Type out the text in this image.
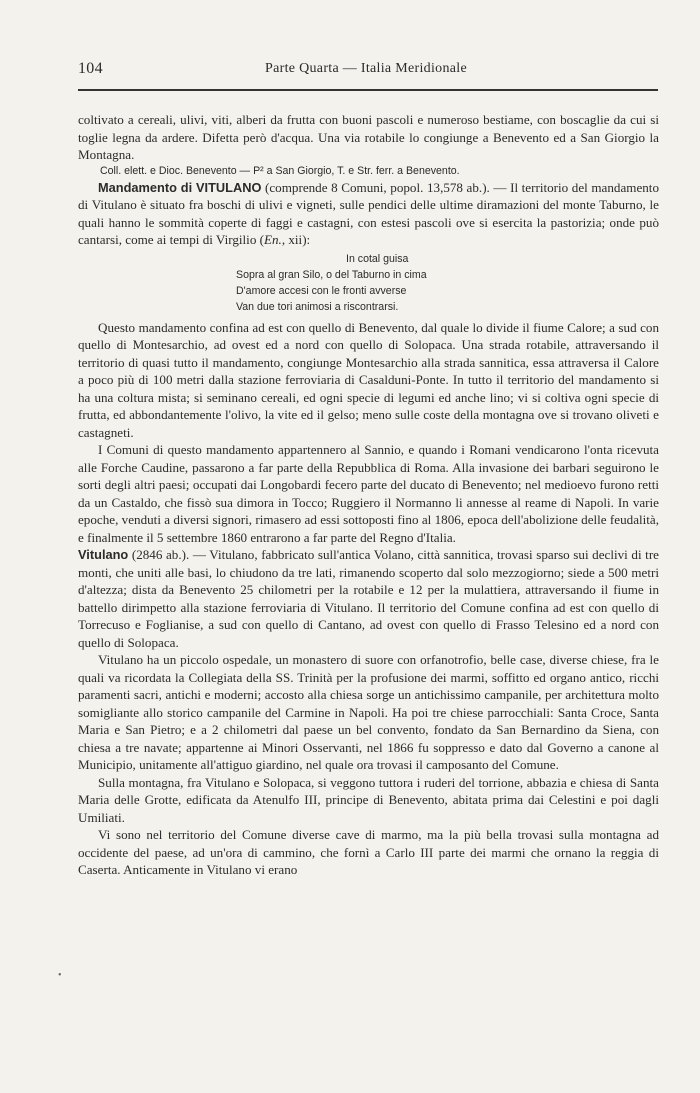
104	Parte Quarta — Italia Meridionale

coltivato a cereali, ulivi, viti, alberi da frutta con buoni pascoli e numeroso bestiame, con boscaglie da cui si toglie legna da ardere. Difetta però d'acqua. Una via rotabile lo congiunge a Benevento ed a San Giorgio la Montagna.

Coll. elett. e Dioc. Benevento — P² a San Giorgio, T. e Str. ferr. a Benevento.

Mandamento di VITULANO (comprende 8 Comuni, popol. 13,578 ab.). — Il territorio del mandamento di Vitulano è situato fra boschi di ulivi e vigneti, sulle pendici delle ultime diramazioni del monte Taburno, le quali hanno le sommità coperte di faggi e castagni, con estesi pascoli ove si esercita la pastorizia; onde può cantarsi, come ai tempi di Virgilio (En., xii):

In cotal guisa
Sopra al gran Silo, o del Taburno in cima
D'amore accesi con le fronti avverse
Van due tori animosi a riscontrarsi.

Questo mandamento confina ad est con quello di Benevento, dal quale lo divide il fiume Calore; a sud con quello di Montesarchio, ad ovest ed a nord con quello di Solopaca. Una strada rotabile, attraversando il territorio di quasi tutto il mandamento, congiunge Montesarchio alla strada sannitica, essa attraversa il Calore a poco più di 100 metri dalla stazione ferroviaria di Casalduni-Ponte. In tutto il territorio del mandamento si ha una coltura mista; si seminano cereali, ed ogni specie di legumi ed anche lino; vi si coltiva ogni specie di frutta, ed abbondantemente l'olivo, la vite ed il gelso; meno sulle coste della montagna ove si trovano oliveti e castagneti.

I Comuni di questo mandamento appartennero al Sannio, e quando i Romani vendicarono l'onta ricevuta alle Forche Caudine, passarono a far parte della Repubblica di Roma. Alla invasione dei barbari seguirono le sorti degli altri paesi; occupati dai Longobardi fecero parte del ducato di Benevento; nel medioevo furono retti da un Castaldo, che fissò sua dimora in Tocco; Ruggiero il Normanno li annesse al reame di Napoli. In varie epoche, venduti a diversi signori, rimasero ad essi sottoposti fino al 1806, epoca dell'abolizione delle feudalità, e finalmente il 5 settembre 1860 entrarono a far parte del Regno d'Italia.

Vitulano (2846 ab.). — Vitulano, fabbricato sull'antica Volano, città sannitica, trovasi sparso sui declivi di tre monti, che uniti alle basi, lo chiudono da tre lati, rimanendo scoperto dal solo mezzogiorno; siede a 500 metri d'altezza; dista da Benevento 25 chilometri per la rotabile e 12 per la mulattiera, attraversando il fiume in battello dirimpetto alla stazione ferroviaria di Vitulano. Il territorio del Comune confina ad est con quello di Torrecuso e Foglianise, a sud con quello di Cantano, ad ovest con quello di Frasso Telesino ed a nord con quello di Solopaca.

Vitulano ha un piccolo ospedale, un monastero di suore con orfanotrofio, belle case, diverse chiese, fra le quali va ricordata la Collegiata della SS. Trinità per la profusione dei marmi, soffitto ed organo antico, ricchi paramenti sacri, antichi e moderni; accosto alla chiesa sorge un antichissimo campanile, per architettura molto somigliante allo storico campanile del Carmine in Napoli. Ha poi tre chiese parrocchiali: Santa Croce, Santa Maria e San Pietro; e a 2 chilometri dal paese un bel convento, fondato da San Bernardino da Siena, con chiesa a tre navate; appartenne ai Minori Osservanti, nel 1866 fu soppresso e dato dal Governo a canone al Municipio, unitamente all'attiguo giardino, nel quale ora trovasi il camposanto del Comune.

Sulla montagna, fra Vitulano e Solopaca, si veggono tuttora i ruderi del torrione, abbazia e chiesa di Santa Maria delle Grotte, edificata da Atenulfo III, principe di Benevento, abitata prima dai Celestini e poi dagli Umiliati.

Vi sono nel territorio del Comune diverse cave di marmo, ma la più bella trovasi sulla montagna ad occidente del paese, ad un'ora di cammino, che fornì a Carlo III parte dei marmi che ornano la reggia di Caserta. Anticamente in Vitulano vi erano

•
